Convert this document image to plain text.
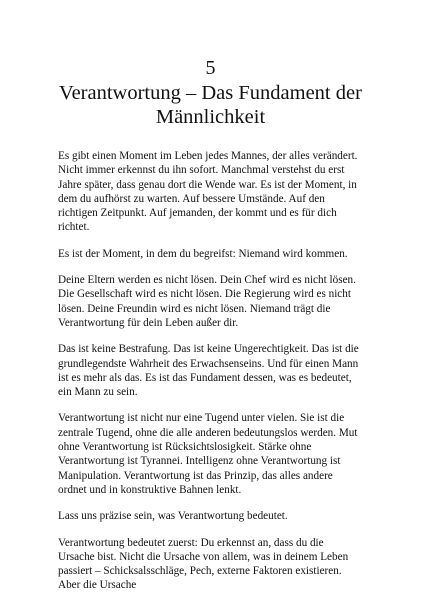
5
Verantwortung – Das Fundament der
Männlichkeit

Es gibt einen Moment im Leben jedes Mannes, der alles verändert. Nicht immer erkennst du ihn sofort. Manchmal verstehst du erst Jahre später, dass genau dort die Wende war. Es ist der Moment, in dem du aufhörst zu warten. Auf bessere Umstände. Auf den richtigen Zeitpunkt. Auf jemanden, der kommt und es für dich richtet.

Es ist der Moment, in dem du begreifst: Niemand wird kommen.

Deine Eltern werden es nicht lösen. Dein Chef wird es nicht lösen. Die Gesellschaft wird es nicht lösen. Die Regierung wird es nicht lösen. Deine Freundin wird es nicht lösen. Niemand trägt die Verantwortung für dein Leben außer dir.

Das ist keine Bestrafung. Das ist keine Ungerechtigkeit. Das ist die grundlegendste Wahrheit des Erwachsenseins. Und für einen Mann ist es mehr als das. Es ist das Fundament dessen, was es bedeutet, ein Mann zu sein.

Verantwortung ist nicht nur eine Tugend unter vielen. Sie ist die zentrale Tugend, ohne die alle anderen bedeutungslos werden. Mut ohne Verantwortung ist Rücksichtslosigkeit. Stärke ohne Verantwortung ist Tyrannei. Intelligenz ohne Verantwortung ist Manipulation. Verantwortung ist das Prinzip, das alles andere ordnet und in konstruktive Bahnen lenkt.

Lass uns präzise sein, was Verantwortung bedeutet.

Verantwortung bedeutet zuerst: Du erkennst an, dass du die Ursache bist. Nicht die Ursache von allem, was in deinem Leben passiert – Schicksalsschläge, Pech, externe Faktoren existieren. Aber die Ursache
